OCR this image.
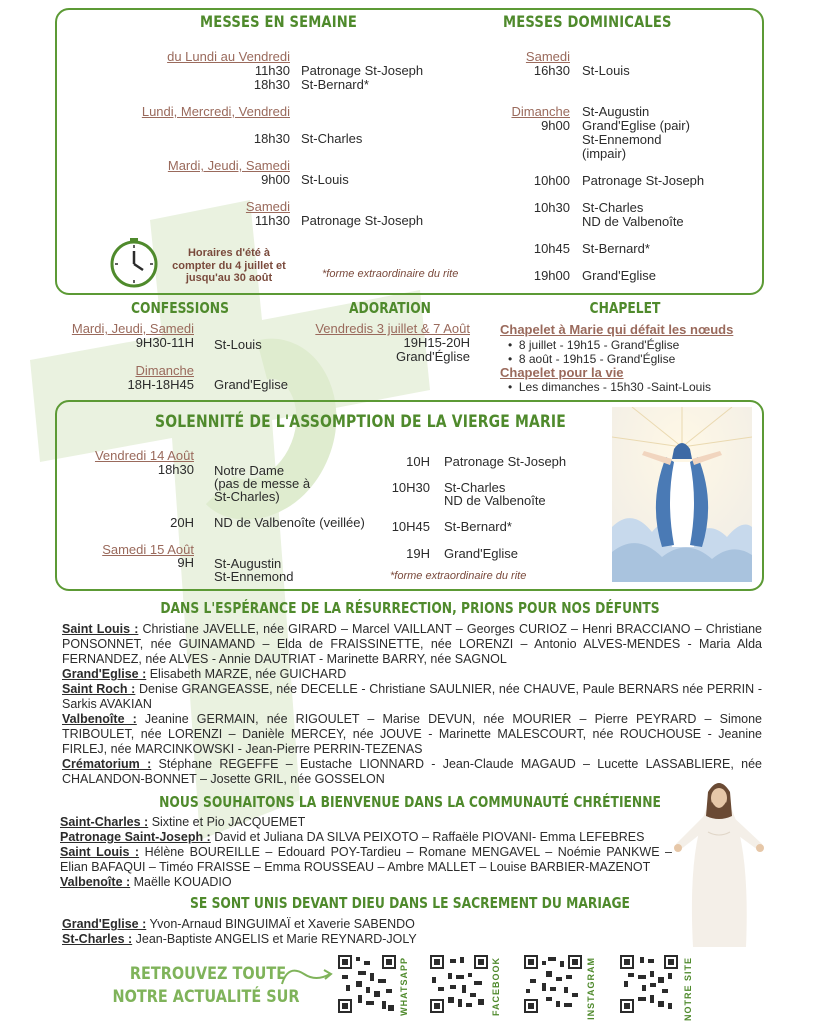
MESSES EN SEMAINE	MESSES DOMINICALES
du Lundi au Vendredi
11h30 Patronage St-Joseph
18h30 St-Bernard*
Lundi, Mercredi, Vendredi
18h30 St-Charles
Mardi, Jeudi, Samedi
9h00 St-Louis
Samedi
11h30 Patronage St-Joseph
Horaires d'été à compter du 4 juillet et jusqu'au 30 août	*forme extraordinaire du rite
Samedi
16h30 St-Louis
Dimanche
9h00
St-Augustin
Grand'Eglise (pair)
St-Ennemond
(impair)
10h00 Patronage St-Joseph
10h30 St-Charles
ND de Valbenoîte
10h45 St-Bernard*
19h00 Grand'Eglise
CONFESSIONS
Mardi, Jeudi, Samedi
9H30-11H St-Louis
Dimanche
18H-18H45 Grand'Eglise
ADORATION
Vendredis 3 juillet & 7 Août
19H15-20H
Grand'Église
CHAPELET
Chapelet à Marie qui défait les nœuds
•  8 juillet - 19h15 - Grand'Église
•  8 août - 19h15 - Grand'Église
Chapelet pour la vie
•  Les dimanches - 15h30 -Saint-Louis
SOLENNITÉ DE L'ASSOMPTION DE LA VIERGE MARIE
Vendredi 14 Août
18h30 Notre Dame
(pas de messe à
St-Charles)
20H ND de Valbenoîte (veillée)
Samedi 15 Août
9H St-Augustin
St-Ennemond
10H Patronage St-Joseph
10H30 St-Charles
ND de Valbenoîte
10H45 St-Bernard*
19H Grand'Eglise
*forme extraordinaire du rite
DANS L'ESPÉRANCE DE LA RÉSURRECTION, PRIONS POUR NOS DÉFUNTS
Saint Louis : Christiane JAVELLE, née GIRARD – Marcel VAILLANT – Georges CURIOZ – Henri BRACCIANO – Christiane PONSONNET, née GUINAMAND – Elda de FRAISSINETTE, née LORENZI – Antonio ALVES-MENDES - Maria Alda FERNANDEZ, née ALVES - Annie DAUTRIAT - Marinette BARRY, née SAGNOL
Grand'Eglise : Elisabeth MARZE, née GUICHARD
Saint Roch : Denise GRANGEASSE, née DECELLE - Christiane SAULNIER, née CHAUVE, Paule BERNARS née PERRIN - Sarkis AVAKIAN
Valbenoîte : Jeanine GERMAIN, née RIGOULET – Marise DEVUN, née MOURIER – Pierre PEYRARD – Simone TRIBOULET, née LORENZI – Danièle MERCEY, née JOUVE - Marinette MALESCOURT, née ROUCHOUSE - Jeanine FIRLEJ, née MARCINKOWSKI - Jean-Pierre PERRIN-TEZENAS
Crématorium : Stéphane REGEFFE – Eustache LIONNARD - Jean-Claude MAGAUD – Lucette LASSABLIERE, née CHALANDON-BONNET – Josette GRIL, née GOSSELON
NOUS SOUHAITONS LA BIENVENUE DANS LA COMMUNAUTÉ CHRÉTIENNE
Saint-Charles : Sixtine et Pio JACQUEMET
Patronage Saint-Joseph : David et Juliana DA SILVA PEIXOTO – Raffaële PIOVANI- Emma LEFEBRES
Saint Louis : Hélène BOUREILLE – Edouard POY-Tardieu – Romane MENGAVEL – Noémie PANKWE – Elian BAFAQUI – Timéo FRAISSE – Emma ROUSSEAU – Ambre MALLET – Louise BARBIER-MAZENOT
Valbenoîte : Maëlle KOUADIO
SE SONT UNIS DEVANT DIEU DANS LE SACREMENT DU MARIAGE
Grand'Eglise : Yvon-Arnaud BINGUIMAÏ et Xaverie SABENDO
St-Charles : Jean-Baptiste ANGELIS et Marie REYNARD-JOLY
RETROUVEZ TOUTE
NOTRE ACTUALITÉ SUR	WHATSAPP	FACEBOOK	INSTAGRAM	NOTRE SITE
